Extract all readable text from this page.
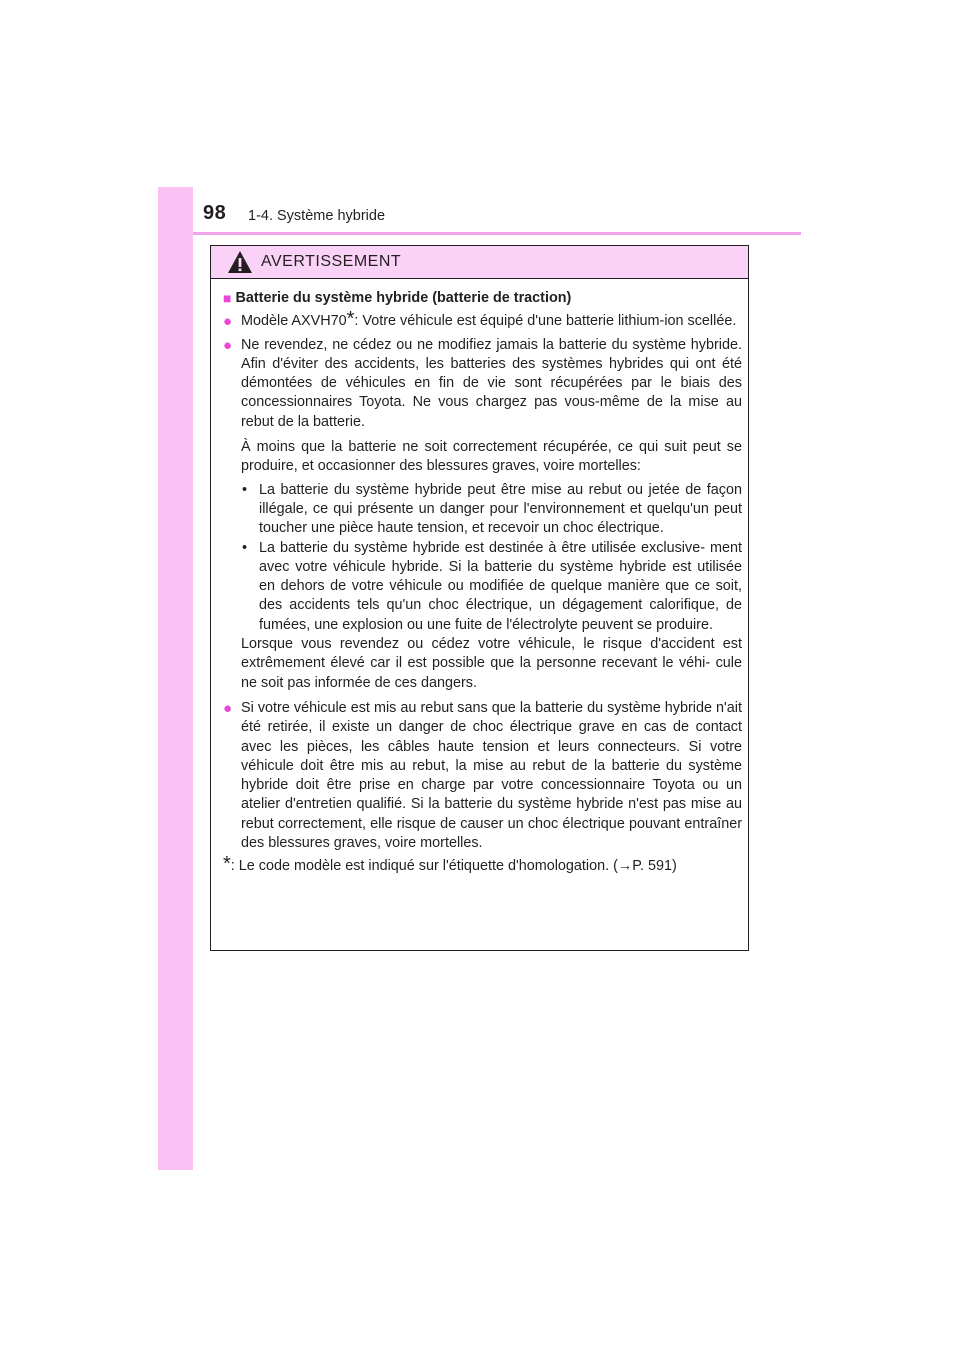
98 1-4. Système hybride
AVERTISSEMENT
■ Batterie du système hybride (batterie de traction)
● Modèle AXVH70*: Votre véhicule est équipé d'une batterie lithium-ion scellée.
● Ne revendez, ne cédez ou ne modifiez jamais la batterie du système hybride. Afin d'éviter des accidents, les batteries des systèmes hybrides qui ont été démontées de véhicules en fin de vie sont récupérées par le biais des concessionnaires Toyota. Ne vous chargez pas vous-même de la mise au rebut de la batterie.
À moins que la batterie ne soit correctement récupérée, ce qui suit peut se produire, et occasionner des blessures graves, voire mortelles:
• La batterie du système hybride peut être mise au rebut ou jetée de façon illégale, ce qui présente un danger pour l'environnement et quelqu'un peut toucher une pièce haute tension, et recevoir un choc électrique.
• La batterie du système hybride est destinée à être utilisée exclusive- ment avec votre véhicule hybride. Si la batterie du système hybride est utilisée en dehors de votre véhicule ou modifiée de quelque manière que ce soit, des accidents tels qu'un choc électrique, un dégagement calorifique, de fumées, une explosion ou une fuite de l'électrolyte peuvent se produire.
Lorsque vous revendez ou cédez votre véhicule, le risque d'accident est extrêmement élevé car il est possible que la personne recevant le véhi- cule ne soit pas informée de ces dangers.
● Si votre véhicule est mis au rebut sans que la batterie du système hybride n'ait été retirée, il existe un danger de choc électrique grave en cas de contact avec les pièces, les câbles haute tension et leurs connecteurs. Si votre véhicule doit être mis au rebut, la mise au rebut de la batterie du système hybride doit être prise en charge par votre concessionnaire Toyota ou un atelier d'entretien qualifié. Si la batterie du système hybride n'est pas mise au rebut correctement, elle risque de causer un choc électrique pouvant entraîner des blessures graves, voire mortelles.
* : Le code modèle est indiqué sur l'étiquette d'homologation. (→P. 591)
